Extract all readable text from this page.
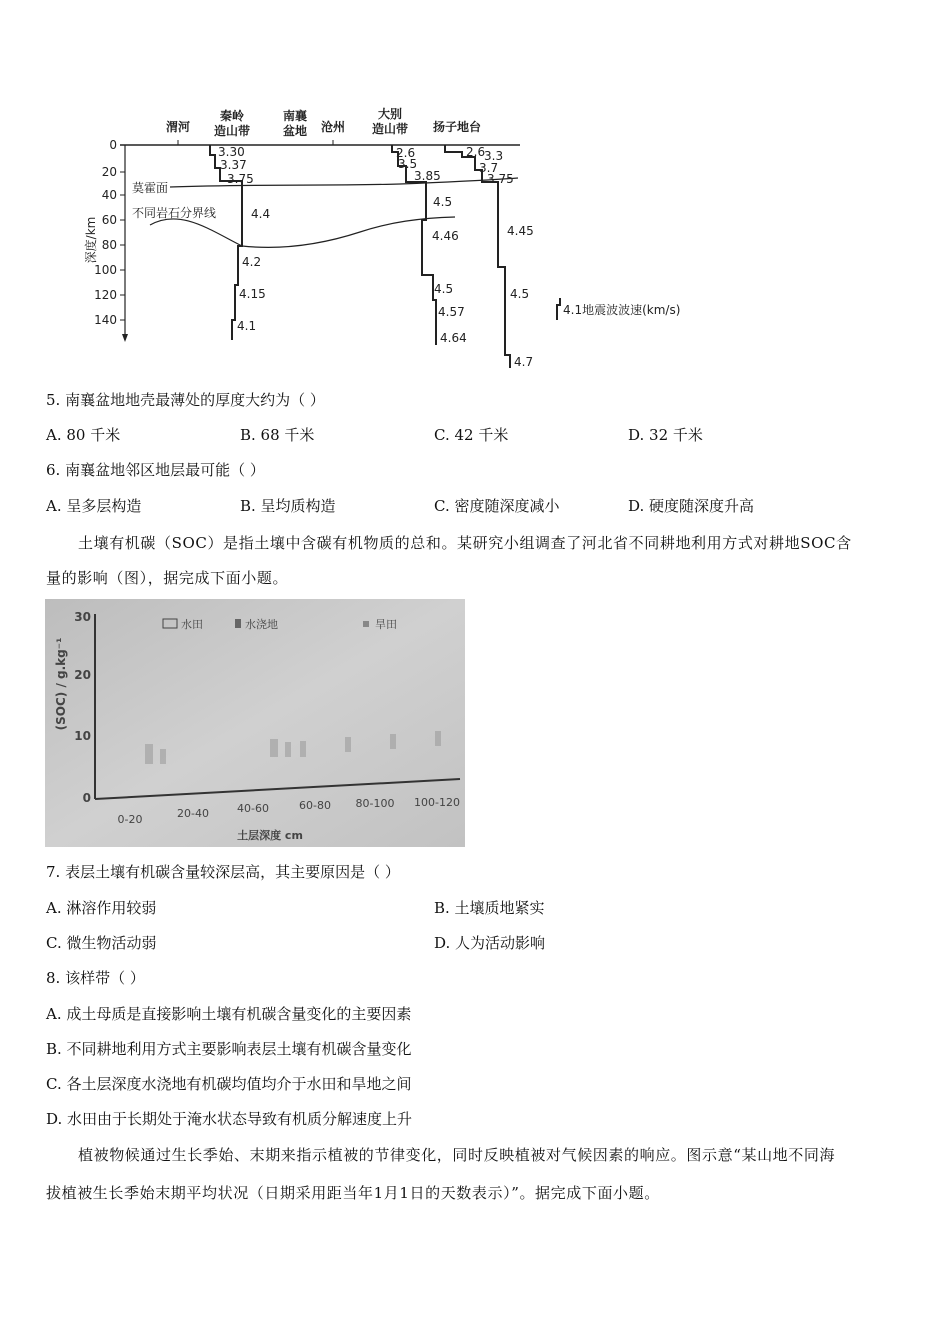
0
20
40
60
80
100
120
140
深度/km
渭河
秦岭
造山带
南襄
盆地 沧州
大别
造山带 扬子地台
莫霍面
不同岩石分界线
3.30
3.37
3.75
4.4
4.2
4.15
4.1
2.6
3.5
3.85
4.5
4.46
4.5
4.57
4.64
2.6
3.3
3.7
3.75
4.45
4.5
4.7
4.1地震波波速(km/s)
5. 南襄盆地地壳最薄处的厚度大约为（ ）
A. 80 千米	B. 68 千米	C. 42 千米	D. 32 千米
6. 南襄盆地邻区地层最可能（ ）
A. 呈多层构造	B. 呈均质构造	C. 密度随深度减小	D. 硬度随深度升高
土壤有机碳（SOC）是指土壤中含碳有机物质的总和。某研究小组调查了河北省不同耕地利用方式对耕地SOC含
量的影响（图），据完成下面小题。
30
20
10
0
(SOC) / g.kg⁻¹
水田	水浇地	旱田
0-20	20-40	40-60	60-80 80-100 100-120
土层深度 cm
7. 表层土壤有机碳含量较深层高，其主要原因是（ ）
A. 淋溶作用较弱	B. 土壤质地紧实
C. 微生物活动弱	D. 人为活动影响
8. 该样带（ ）
A. 成土母质是直接影响土壤有机碳含量变化的主要因素
B. 不同耕地利用方式主要影响表层土壤有机碳含量变化
C. 各土层深度水浇地有机碳均值均介于水田和旱地之间
D. 水田由于长期处于淹水状态导致有机质分解速度上升
植被物候通过生长季始、末期来指示植被的节律变化，同时反映植被对气候因素的响应。图示意“某山地不同海
拔植被生长季始末期平均状况（日期采用距当年1月1日的天数表示）”。据完成下面小题。
